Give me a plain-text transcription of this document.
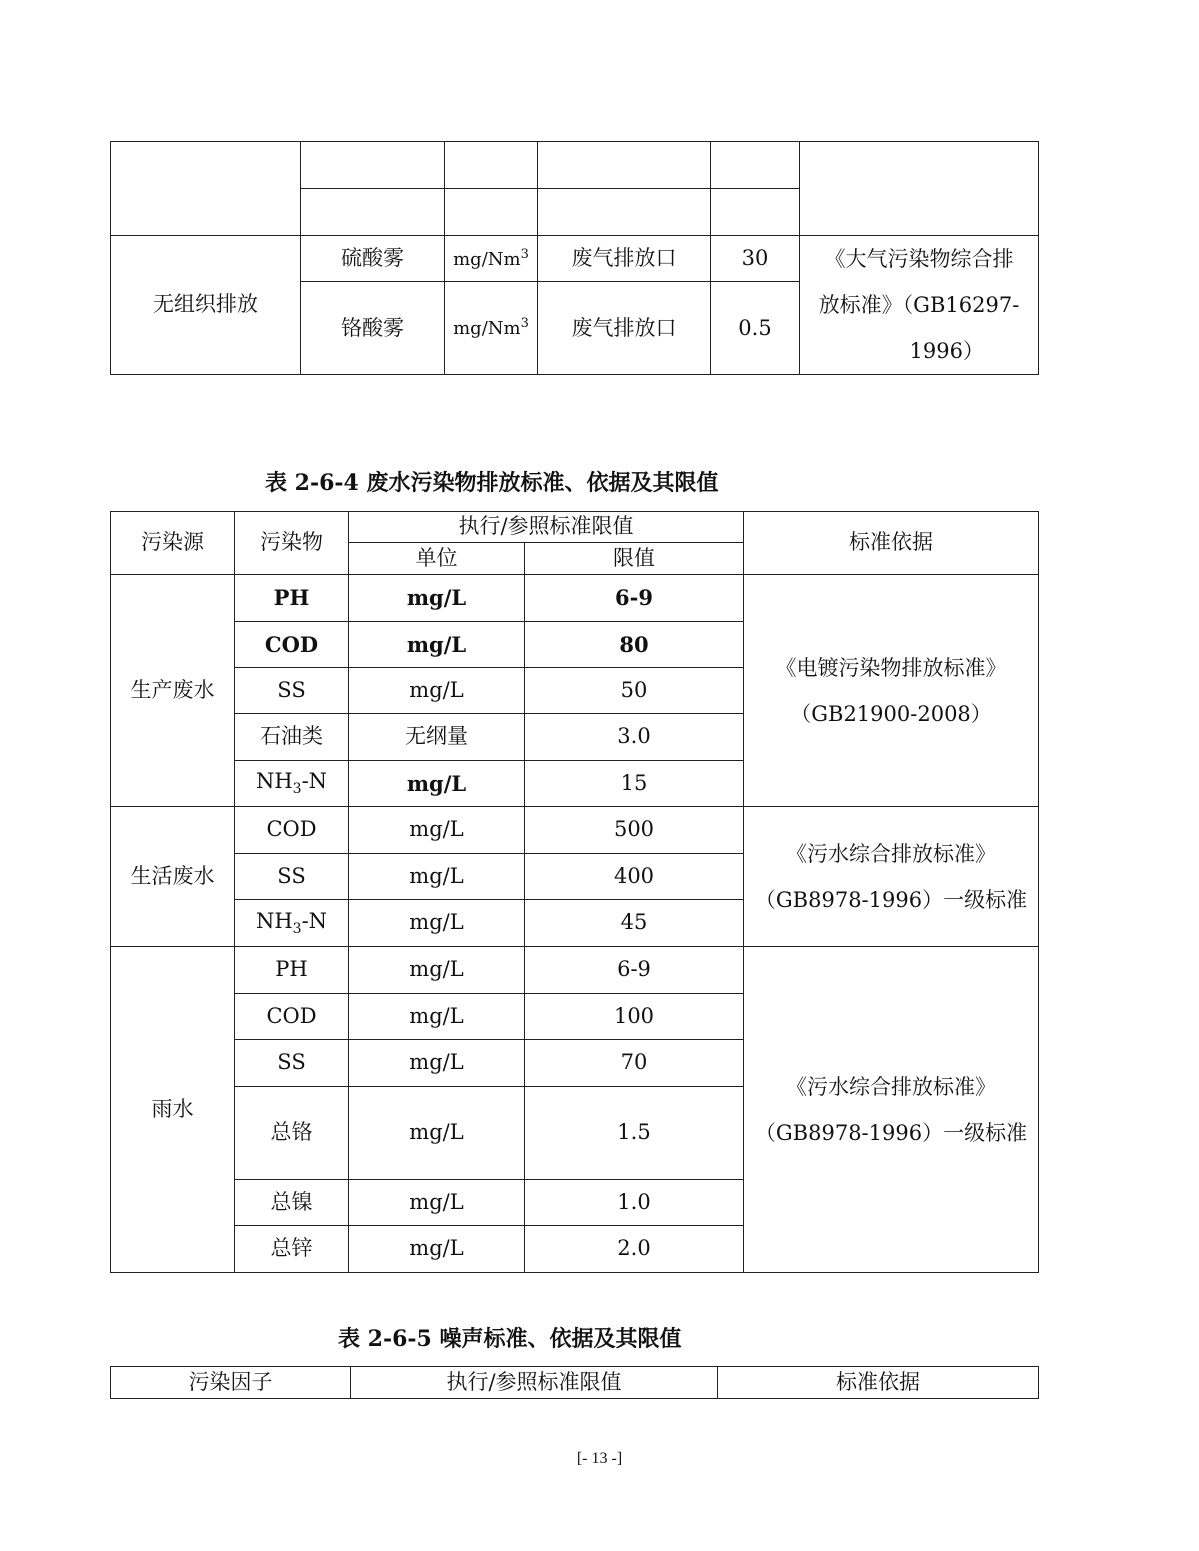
无组织排放	硫酸雾	mg/Nm$^3$	废气排放口	30	《大气污染物综合排
放标准》（GB16297-
1996）

	铬酸雾	mg/Nm$^3$	废气排放口	0.5	
表 2-6-4 废水污染物排放标准、依据及其限值
污染源	污染物	执行/参照标准限值		标准依据
		单位	限值	
生产废水	PH	mg/L	6-9	《电镀污染物排放标准》
（GB21900-2008）

	COD	mg/L	80	
	SS	mg/L	50	
	石油类	无纲量	3.0	
	$NH_3-N$	mg/L	15	
生活废水	COD	mg/L	500	《污水综合排放标准》
（GB8978-1996）一级标准

	SS	mg/L	400	
	$NH_3-N$	mg/L	45	
雨水	PH	mg/L	6-9	《污水综合排放标准》
（GB8978-1996）一级标准

	COD	mg/L	100	
	SS	mg/L	70	
	总铬	mg/L	1.5	
	总镍	mg/L	1.0	
	总锌	mg/L	2.0	
表 2-6-5 噪声标准、依据及其限值
污染因子	执行/参照标准限值	标准依据
[- 13 -]
